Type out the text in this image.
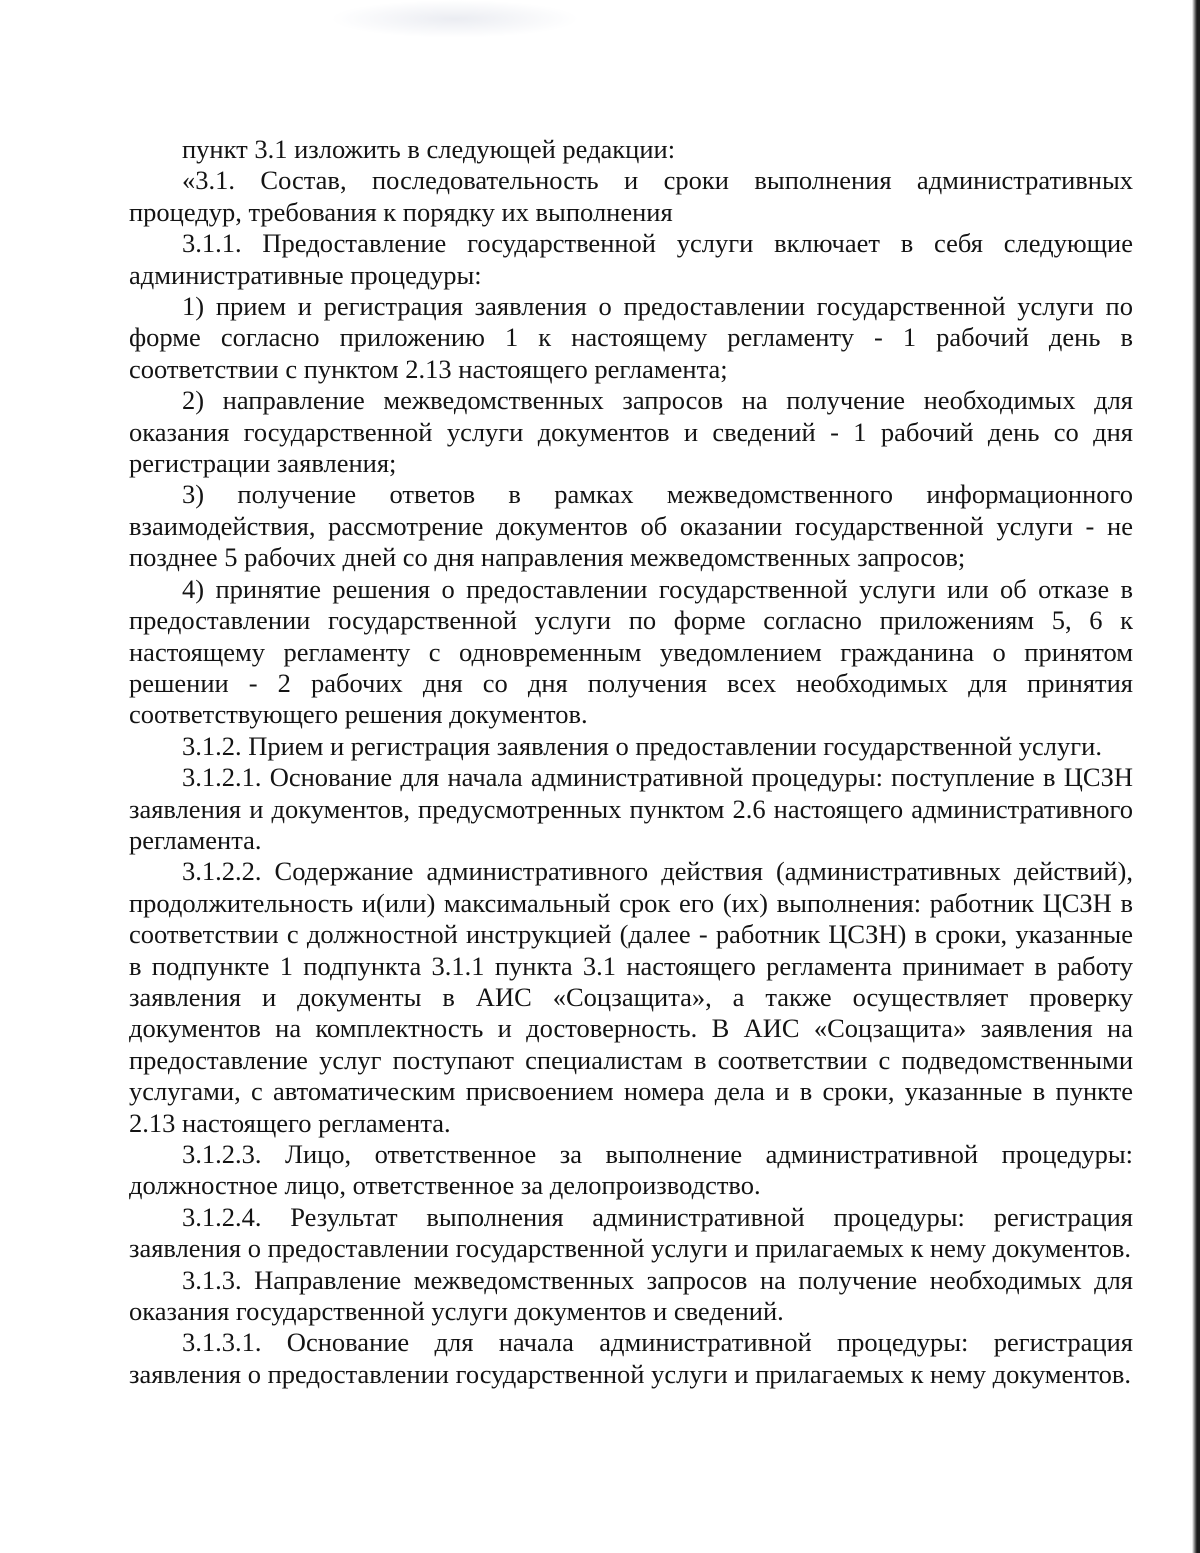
пункт 3.1 изложить в следующей редакции:

«3.1. Состав, последовательность и сроки выполнения административных процедур, требования к порядку их выполнения

3.1.1. Предоставление государственной услуги включает в себя следующие административные процедуры:

1) прием и регистрация заявления о предоставлении государственной услуги по форме согласно приложению 1 к настоящему регламенту - 1 рабочий день в соответствии с пунктом 2.13 настоящего регламента;

2) направление межведомственных запросов на получение необходимых для оказания государственной услуги документов и сведений - 1 рабочий день со дня регистрации заявления;

3) получение ответов в рамках межведомственного информационного взаимодействия, рассмотрение документов об оказании государственной услуги - не позднее 5 рабочих дней со дня направления межведомственных запросов;

4) принятие решения о предоставлении государственной услуги или об отказе в предоставлении государственной услуги по форме согласно приложениям 5, 6 к настоящему регламенту с одновременным уведомлением гражданина о принятом решении - 2 рабочих дня со дня получения всех необходимых для принятия соответствующего решения документов.

3.1.2. Прием и регистрация заявления о предоставлении государственной услуги.

3.1.2.1. Основание для начала административной процедуры: поступление в ЦСЗН заявления и документов, предусмотренных пунктом 2.6 настоящего административного регламента.

3.1.2.2. Содержание административного действия (административных действий), продолжительность и(или) максимальный срок его (их) выполнения: работник ЦСЗН в соответствии с должностной инструкцией (далее - работник ЦСЗН) в сроки, указанные в подпункте 1 подпункта 3.1.1 пункта 3.1 настоящего регламента принимает в работу заявления и документы в АИС «Соцзащита», а также осуществляет проверку документов на комплектность и достоверность. В АИС «Соцзащита» заявления на предоставление услуг поступают специалистам в соответствии с подведомственными услугами, с автоматическим присвоением номера дела и в сроки, указанные в пункте 2.13 настоящего регламента.

3.1.2.3. Лицо, ответственное за выполнение административной процедуры: должностное лицо, ответственное за делопроизводство.

3.1.2.4. Результат выполнения административной процедуры: регистрация заявления о предоставлении государственной услуги и прилагаемых к нему документов.

3.1.3. Направление межведомственных запросов на получение необходимых для оказания государственной услуги документов и сведений.

3.1.3.1. Основание для начала административной процедуры: регистрация заявления о предоставлении государственной услуги и прилагаемых к нему документов.
